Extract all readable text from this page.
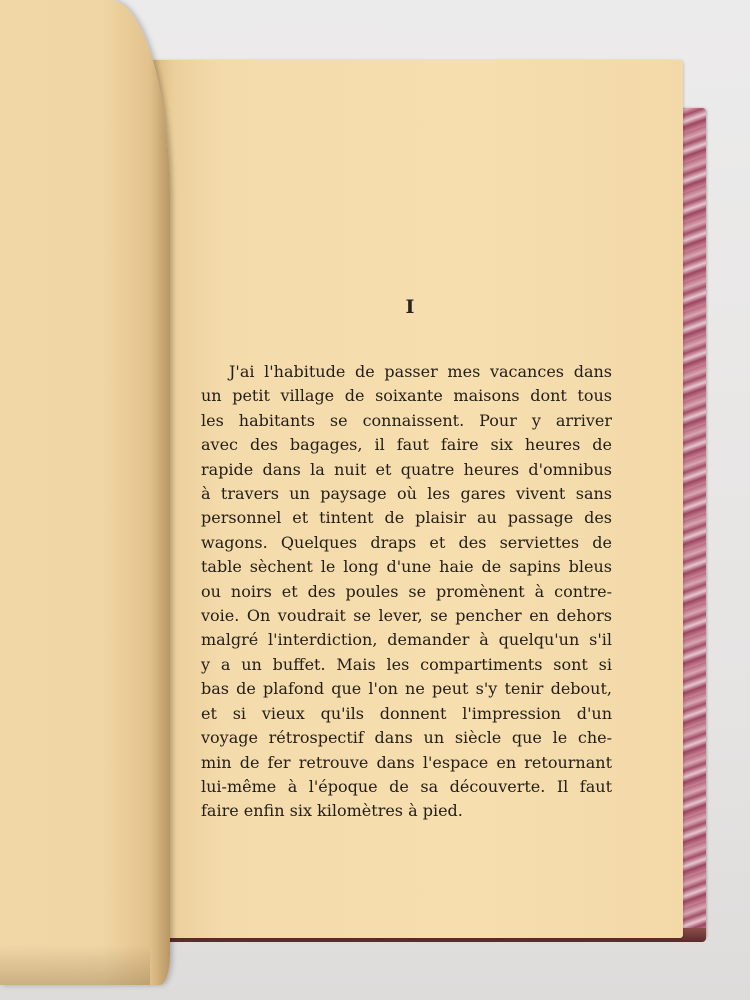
I
J'ai l'habitude de passer mes vacances dans
un petit village de soixante maisons dont tous
les habitants se connaissent. Pour y arriver
avec des bagages, il faut faire six heures de
rapide dans la nuit et quatre heures d'omnibus
à travers un paysage où les gares vivent sans
personnel et tintent de plaisir au passage des
wagons. Quelques draps et des serviettes de
table sèchent le long d'une haie de sapins bleus
ou noirs et des poules se promènent à contre-
voie. On voudrait se lever, se pencher en dehors
malgré l'interdiction, demander à quelqu'un s'il
y a un buffet. Mais les compartiments sont si
bas de plafond que l'on ne peut s'y tenir debout,
et si vieux qu'ils donnent l'impression d'un
voyage rétrospectif dans un siècle que le che-
min de fer retrouve dans l'espace en retournant
lui-même à l'époque de sa découverte. Il faut
faire enfin six kilomètres à pied.
